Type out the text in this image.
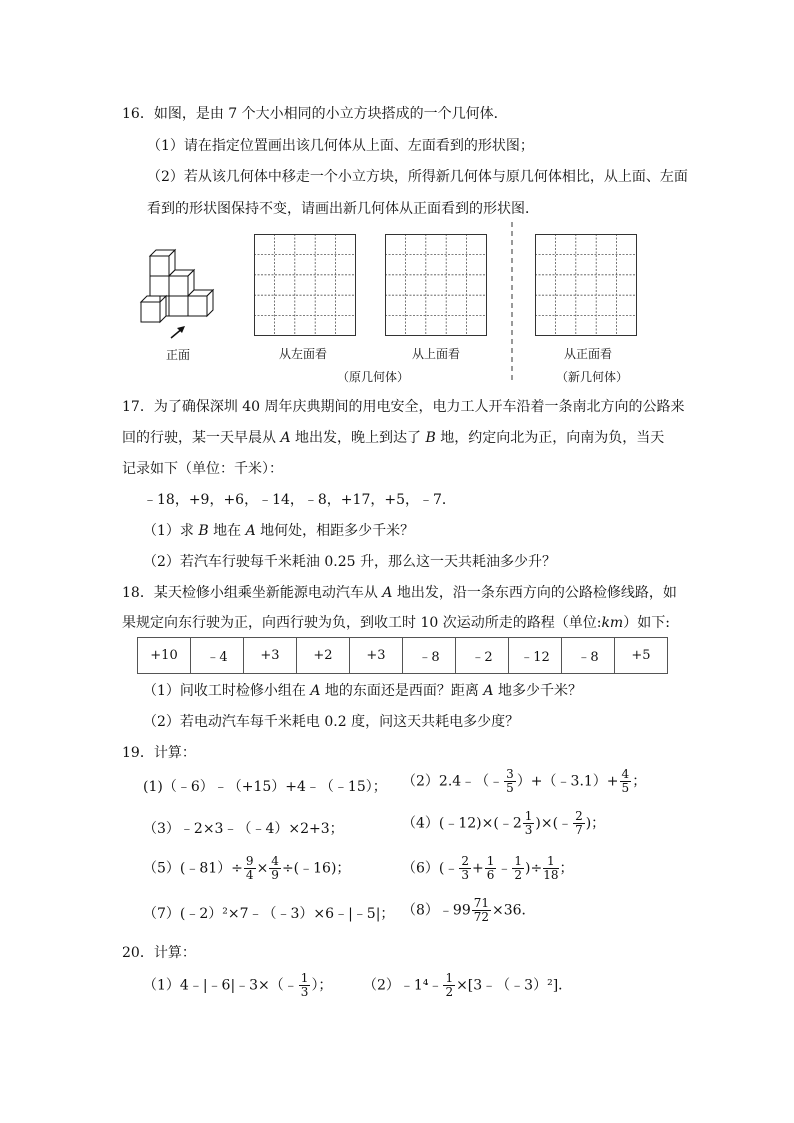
16．如图，是由 7 个大小相同的小立方块搭成的一个几何体．
（1）请在指定位置画出该几何体从上面、左面看到的形状图；
（2）若从该几何体中移走一个小立方块，所得新几何体与原几何体相比，从上面、左面
看到的形状图保持不变，请画出新几何体从正面看到的形状图．
正面	从左面看	从上面看
（原几何体）
从正面看
（新几何体）
17．为了确保深圳 40 周年庆典期间的用电安全，电力工人开车沿着一条南北方向的公路来
回的行驶，某一天早晨从 A 地出发，晚上到达了 B 地，约定向北为正，向南为负，当天
记录如下（单位：千米）：
﹣18，+9，+6，﹣14，﹣8，+17，+5，﹣7．
（1）求 B 地在 A 地何处，相距多少千米？
（2）若汽车行驶每千米耗油 0.25 升，那么这一天共耗油多少升？
18．某天检修小组乘坐新能源电动汽车从 A 地出发，沿一条东西方向的公路检修线路，如
果规定向东行驶为正，向西行驶为负，到收工时 10 次运动所走的路程（单位:km）如下:
+10	﹣4	+3	+2	+3	﹣8	﹣2	﹣12	﹣8	+5
（1）问收工时检修小组在 A 地的东面还是西面？距离 A 地多少千米？
（2）若电动汽车每千米耗电 0.2 度，问这天共耗电多少度？
19．计算：
(1)（﹣6）﹣（+15）+4﹣（﹣15）； （2）2.4﹣（﹣ $\frac{3}{5}$ ）+（﹣3.1）+ $\frac{4}{5}$ ；
（3）﹣2×3﹣（﹣4）×2+3；	（4）(﹣12)×(﹣2 $\frac{1}{3}$ )×(﹣ $\frac{2}{7}$ )；
（5）(﹣81）÷ $\frac{9}{4} \times \frac{4}{9}$ ÷(﹣16)；	（6）(﹣ $\frac{2}{3} + \frac{1}{6}$ ﹣ $\frac{1}{2}$ )÷ $\frac{1}{18}$ ；
（7）(﹣2）²×7﹣（﹣3）×6﹣|﹣5|； （8）﹣99 $\frac{71}{72} \times 36$．
20．计算：
（1）4﹣|﹣6|﹣3×（﹣ $\frac{1}{3}$ ）； （2）﹣1⁴﹣ $\frac{1}{2}$ ×[3﹣（﹣3）²]．
